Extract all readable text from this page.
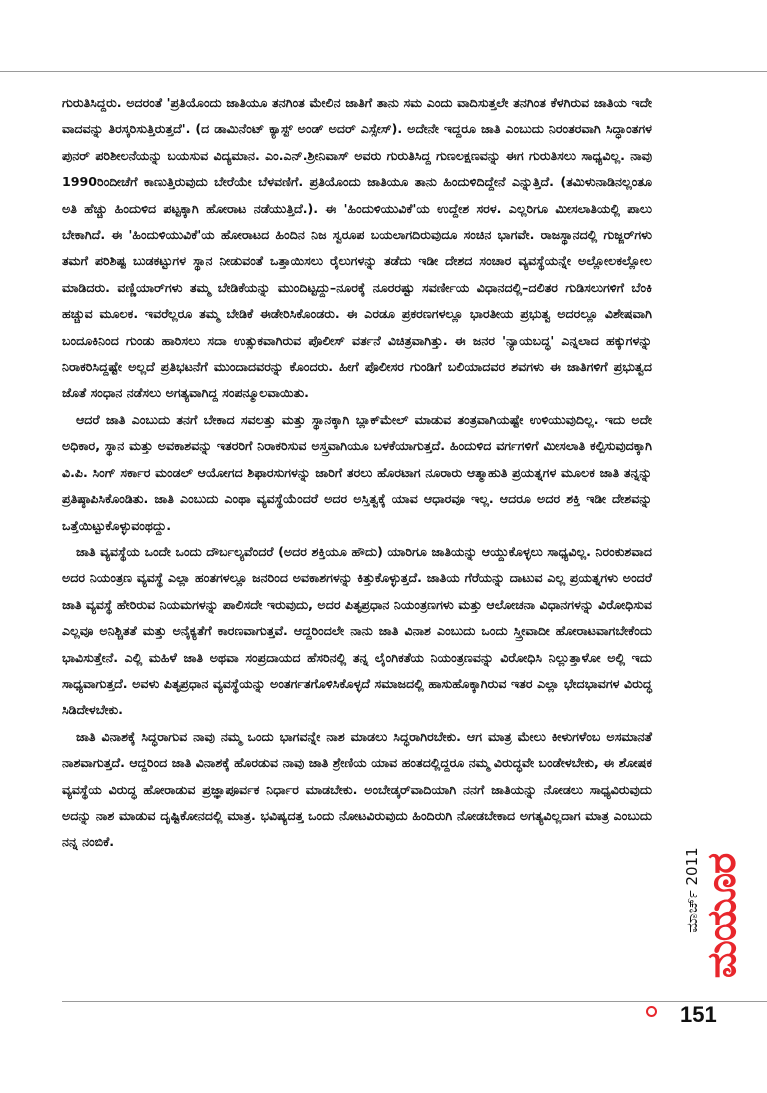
ಗುರುತಿಸಿದ್ದರು. ಅದರಂತೆ 'ಪ್ರತಿಯೊಂದು ಜಾತಿಯೂ ತನಗಿಂತ ಮೇಲಿನ ಜಾತಿಗೆ ತಾನು ಸಮ ಎಂದು ವಾದಿಸುತ್ತಲೇ ತನಗಿಂತ ಕೆಳಗಿರುವ ಜಾತಿಯ ಇದೇ ವಾದವನ್ನು ತಿರಸ್ಕರಿಸುತ್ತಿರುತ್ತದೆ'. (ದ ಡಾಮಿನೆಂಟ್ ಕ್ಯಾಸ್ಟ್ ಅಂಡ್ ಅದರ್ ಎಸ್ಸೇಸ್). ಅದೇನೇ ಇದ್ದರೂ ಜಾತಿ ಎಂಬುದು ನಿರಂತರವಾಗಿ ಸಿದ್ಧಾಂತಗಳ ಪುನರ್ ಪರಿಶೀಲನೆಯನ್ನು ಬಯಸುವ ವಿದ್ಯಮಾನ. ಎಂ.ಎನ್.ಶ್ರೀನಿವಾಸ್ ಅವರು ಗುರುತಿಸಿದ್ದ ಗುಣಲಕ್ಷಣವನ್ನು ಈಗ ಗುರುತಿಸಲು ಸಾಧ್ಯವಿಲ್ಲ. ನಾವು 1990ರಿಂದೀಚೆಗೆ ಕಾಣುತ್ತಿರುವುದು ಬೇರೆಯೇ ಬೆಳವಣಿಗೆ. ಪ್ರತಿಯೊಂದು ಜಾತಿಯೂ ತಾನು ಹಿಂದುಳಿದಿದ್ದೇನೆ ಎನ್ನುತ್ತಿದೆ. (ತಮಿಳುನಾಡಿನಲ್ಲಂತೂ ಅತಿ ಹೆಚ್ಚು ಹಿಂದುಳಿದ ಪಟ್ಟಕ್ಕಾಗಿ ಹೋರಾಟ ನಡೆಯುತ್ತಿದೆ.). ಈ 'ಹಿಂದುಳಿಯುವಿಕೆ'ಯ ಉದ್ದೇಶ ಸರಳ. ಎಲ್ಲರಿಗೂ ಮೀಸಲಾತಿಯಲ್ಲಿ ಪಾಲು ಬೇಕಾಗಿದೆ. ಈ 'ಹಿಂದುಳಿಯುವಿಕೆ'ಯ ಹೋರಾಟದ ಹಿಂದಿನ ನಿಜ ಸ್ವರೂಪ ಬಯಲಾಗದಿರುವುದೂ ಸಂಚಿನ ಭಾಗವೇ. ರಾಜಸ್ಥಾನದಲ್ಲಿ ಗುಜ್ಜರ್‌ಗಳು ತಮಗೆ ಪರಿಶಿಷ್ಟ ಬುಡಕಟ್ಟುಗಳ ಸ್ಥಾನ ನೀಡುವಂತೆ ಒತ್ತಾಯಿಸಲು ರೈಲುಗಳನ್ನು ತಡೆದು ಇಡೀ ದೇಶದ ಸಂಚಾರ ವ್ಯವಸ್ಥೆಯನ್ನೇ ಅಲ್ಲೋಲಕಲ್ಲೋಲ ಮಾಡಿದರು. ವಣ್ಣಿಯಾರ್‌ಗಳು ತಮ್ಮ ಬೇಡಿಕೆಯನ್ನು ಮುಂದಿಟ್ಟದ್ದು–ನೂರಕ್ಕೆ ನೂರರಷ್ಟು ಸವರ್ಣೀಯ ವಿಧಾನದಲ್ಲಿ–ದಲಿತರ ಗುಡಿಸಲುಗಳಿಗೆ ಬೆಂಕಿ ಹಚ್ಚುವ ಮೂಲಕ. ಇವರೆಲ್ಲರೂ ತಮ್ಮ ಬೇಡಿಕೆ ಈಡೇರಿಸಿಕೊಂಡರು. ಈ ಎರಡೂ ಪ್ರಕರಣಗಳಲ್ಲೂ ಭಾರತೀಯ ಪ್ರಭುತ್ವ ಅದರಲ್ಲೂ ವಿಶೇಷವಾಗಿ ಬಂದೂಕಿನಿಂದ ಗುಂಡು ಹಾರಿಸಲು ಸದಾ ಉತ್ಸುಕವಾಗಿರುವ ಪೊಲೀಸ್ ವರ್ತನೆ ವಿಚಿತ್ರವಾಗಿತ್ತು. ಈ ಜನರ 'ನ್ಯಾಯಬದ್ಧ' ಎನ್ನಲಾದ ಹಕ್ಕುಗಳನ್ನು ನಿರಾಕರಿಸಿದ್ದಷ್ಟೇ ಅಲ್ಲದೆ ಪ್ರತಿಭಟನೆಗೆ ಮುಂದಾದವರನ್ನು ಕೊಂದರು. ಹೀಗೆ ಪೊಲೀಸರ ಗುಂಡಿಗೆ ಬಲಿಯಾದವರ ಶವಗಳು ಈ ಜಾತಿಗಳಿಗೆ ಪ್ರಭುತ್ವದ ಜೊತೆ ಸಂಧಾನ ನಡೆಸಲು ಅಗತ್ಯವಾಗಿದ್ದ ಸಂಪನ್ಮೂಲವಾಯಿತು.

ಆದರೆ ಜಾತಿ ಎಂಬುದು ತನಗೆ ಬೇಕಾದ ಸವಲತ್ತು ಮತ್ತು ಸ್ಥಾನಕ್ಕಾಗಿ ಬ್ಲಾಕ್‌ಮೇಲ್ ಮಾಡುವ ತಂತ್ರವಾಗಿಯಷ್ಟೇ ಉಳಿಯುವುದಿಲ್ಲ. ಇದು ಅದೇ ಅಧಿಕಾರ, ಸ್ಥಾನ ಮತ್ತು ಅವಕಾಶವನ್ನು ಇತರರಿಗೆ ನಿರಾಕರಿಸುವ ಅಸ್ತ್ರವಾಗಿಯೂ ಬಳಕೆಯಾಗುತ್ತದೆ. ಹಿಂದುಳಿದ ವರ್ಗಗಳಿಗೆ ಮೀಸಲಾತಿ ಕಲ್ಪಿಸುವುದಕ್ಕಾಗಿ ವಿ.ಪಿ. ಸಿಂಗ್ ಸರ್ಕಾರ ಮಂಡಲ್ ಆಯೋಗದ ಶಿಫಾರಸುಗಳನ್ನು ಜಾರಿಗೆ ತರಲು ಹೊರಟಾಗ ನೂರಾರು ಆತ್ಮಾಹುತಿ ಪ್ರಯತ್ನಗಳ ಮೂಲಕ ಜಾತಿ ತನ್ನನ್ನು ಪ್ರತಿಷ್ಠಾಪಿಸಿಕೊಂಡಿತು. ಜಾತಿ ಎಂಬುದು ಎಂಥಾ ವ್ಯವಸ್ಥೆಯೆಂದರೆ ಅದರ ಅಸ್ತಿತ್ವಕ್ಕೆ ಯಾವ ಆಧಾರವೂ ಇಲ್ಲ. ಆದರೂ ಅದರ ಶಕ್ತಿ ಇಡೀ ದೇಶವನ್ನು ಒತ್ತೆಯಿಟ್ಟುಕೊಳ್ಳುವಂಥದ್ದು.

ಜಾತಿ ವ್ಯವಸ್ಥೆಯ ಒಂದೇ ಒಂದು ದೌರ್ಬಲ್ಯವೆಂದರೆ (ಅದರ ಶಕ್ತಿಯೂ ಹೌದು) ಯಾರಿಗೂ ಜಾತಿಯನ್ನು ಆಯ್ದುಕೊಳ್ಳಲು ಸಾಧ್ಯವಿಲ್ಲ. ನಿರಂಕುಶವಾದ ಅದರ ನಿಯಂತ್ರಣ ವ್ಯವಸ್ಥೆ ಎಲ್ಲಾ ಹಂತಗಳಲ್ಲೂ ಜನರಿಂದ ಅವಕಾಶಗಳನ್ನು ಕಿತ್ತುಕೊಳ್ಳುತ್ತದೆ. ಜಾತಿಯ ಗೆರೆಯನ್ನು ದಾಟುವ ಎಲ್ಲ ಪ್ರಯತ್ನಗಳು ಅಂದರೆ ಜಾತಿ ವ್ಯವಸ್ಥೆ ಹೇರಿರುವ ನಿಯಮಗಳನ್ನು ಪಾಲಿಸದೇ ಇರುವುದು, ಅದರ ಪಿತೃಪ್ರಧಾನ ನಿಯಂತ್ರಣಗಳು ಮತ್ತು ಆಲೋಚನಾ ವಿಧಾನಗಳನ್ನು ವಿರೋಧಿಸುವ ಎಲ್ಲವೂ ಅನಿಶ್ಚಿತತೆ ಮತ್ತು ಅನೈಕ್ಯತೆಗೆ ಕಾರಣವಾಗುತ್ತವೆ. ಆದ್ದರಿಂದಲೇ ನಾನು ಜಾತಿ ವಿನಾಶ ಎಂಬುದು ಒಂದು ಸ್ತ್ರೀವಾದೀ ಹೋರಾಟವಾಗಬೇಕೆಂದು ಭಾವಿಸುತ್ತೇನೆ. ಎಲ್ಲಿ ಮಹಿಳೆ ಜಾತಿ ಅಥವಾ ಸಂಪ್ರದಾಯದ ಹೆಸರಿನಲ್ಲಿ ತನ್ನ ಲೈಂಗಿಕತೆಯ ನಿಯಂತ್ರಣವನ್ನು ವಿರೋಧಿಸಿ ನಿಲ್ಲುತ್ತಾಳೋ ಅಲ್ಲಿ ಇದು ಸಾಧ್ಯವಾಗುತ್ತದೆ. ಅವಳು ಪಿತೃಪ್ರಧಾನ ವ್ಯವಸ್ಥೆಯನ್ನು ಅಂತರ್ಗತಗೊಳಿಸಿಕೊಳ್ಳದೆ ಸಮಾಜದಲ್ಲಿ ಹಾಸುಹೊಕ್ಕಾಗಿರುವ ಇತರ ಎಲ್ಲಾ ಭೇದಭಾವಗಳ ವಿರುದ್ಧ ಸಿಡಿದೇಳಬೇಕು.

ಜಾತಿ ವಿನಾಶಕ್ಕೆ ಸಿದ್ಧರಾಗುವ ನಾವು ನಮ್ಮ ಒಂದು ಭಾಗವನ್ನೇ ನಾಶ ಮಾಡಲು ಸಿದ್ಧರಾಗಿರಬೇಕು. ಆಗ ಮಾತ್ರ ಮೇಲು ಕೀಳುಗಳೆಂಬ ಅಸಮಾನತೆ ನಾಶವಾಗುತ್ತದೆ. ಆದ್ದರಿಂದ ಜಾತಿ ವಿನಾಶಕ್ಕೆ ಹೊರಡುವ ನಾವು ಜಾತಿ ಶ್ರೇಣಿಯ ಯಾವ ಹಂತದಲ್ಲಿದ್ದರೂ ನಮ್ಮ ವಿರುದ್ಧವೇ ಬಂಡೇಳಬೇಕು, ಈ ಶೋಷಕ ವ್ಯವಸ್ಥೆಯ ವಿರುದ್ಧ ಹೋರಾಡುವ ಪ್ರಜ್ಞಾಪೂರ್ವಕ ನಿರ್ಧಾರ ಮಾಡಬೇಕು. ಅಂಬೇಡ್ಕರ್‌ವಾದಿಯಾಗಿ ನನಗೆ ಜಾತಿಯನ್ನು ನೋಡಲು ಸಾಧ್ಯವಿರುವುದು ಅದನ್ನು ನಾಶ ಮಾಡುವ ದೃಷ್ಟಿಕೋನದಲ್ಲಿ ಮಾತ್ರ. ಭವಿಷ್ಯದತ್ತ ಒಂದು ನೋಟವಿರುವುದು ಹಿಂದಿರುಗಿ ನೋಡಬೇಕಾದ ಅಗತ್ಯವಿಲ್ಲದಾಗ ಮಾತ್ರ ಎಂಬುದು ನನ್ನ ನಂಬಿಕೆ.

ಮಾರ್ಚ್ 2011
ಮಯೂರ
151
